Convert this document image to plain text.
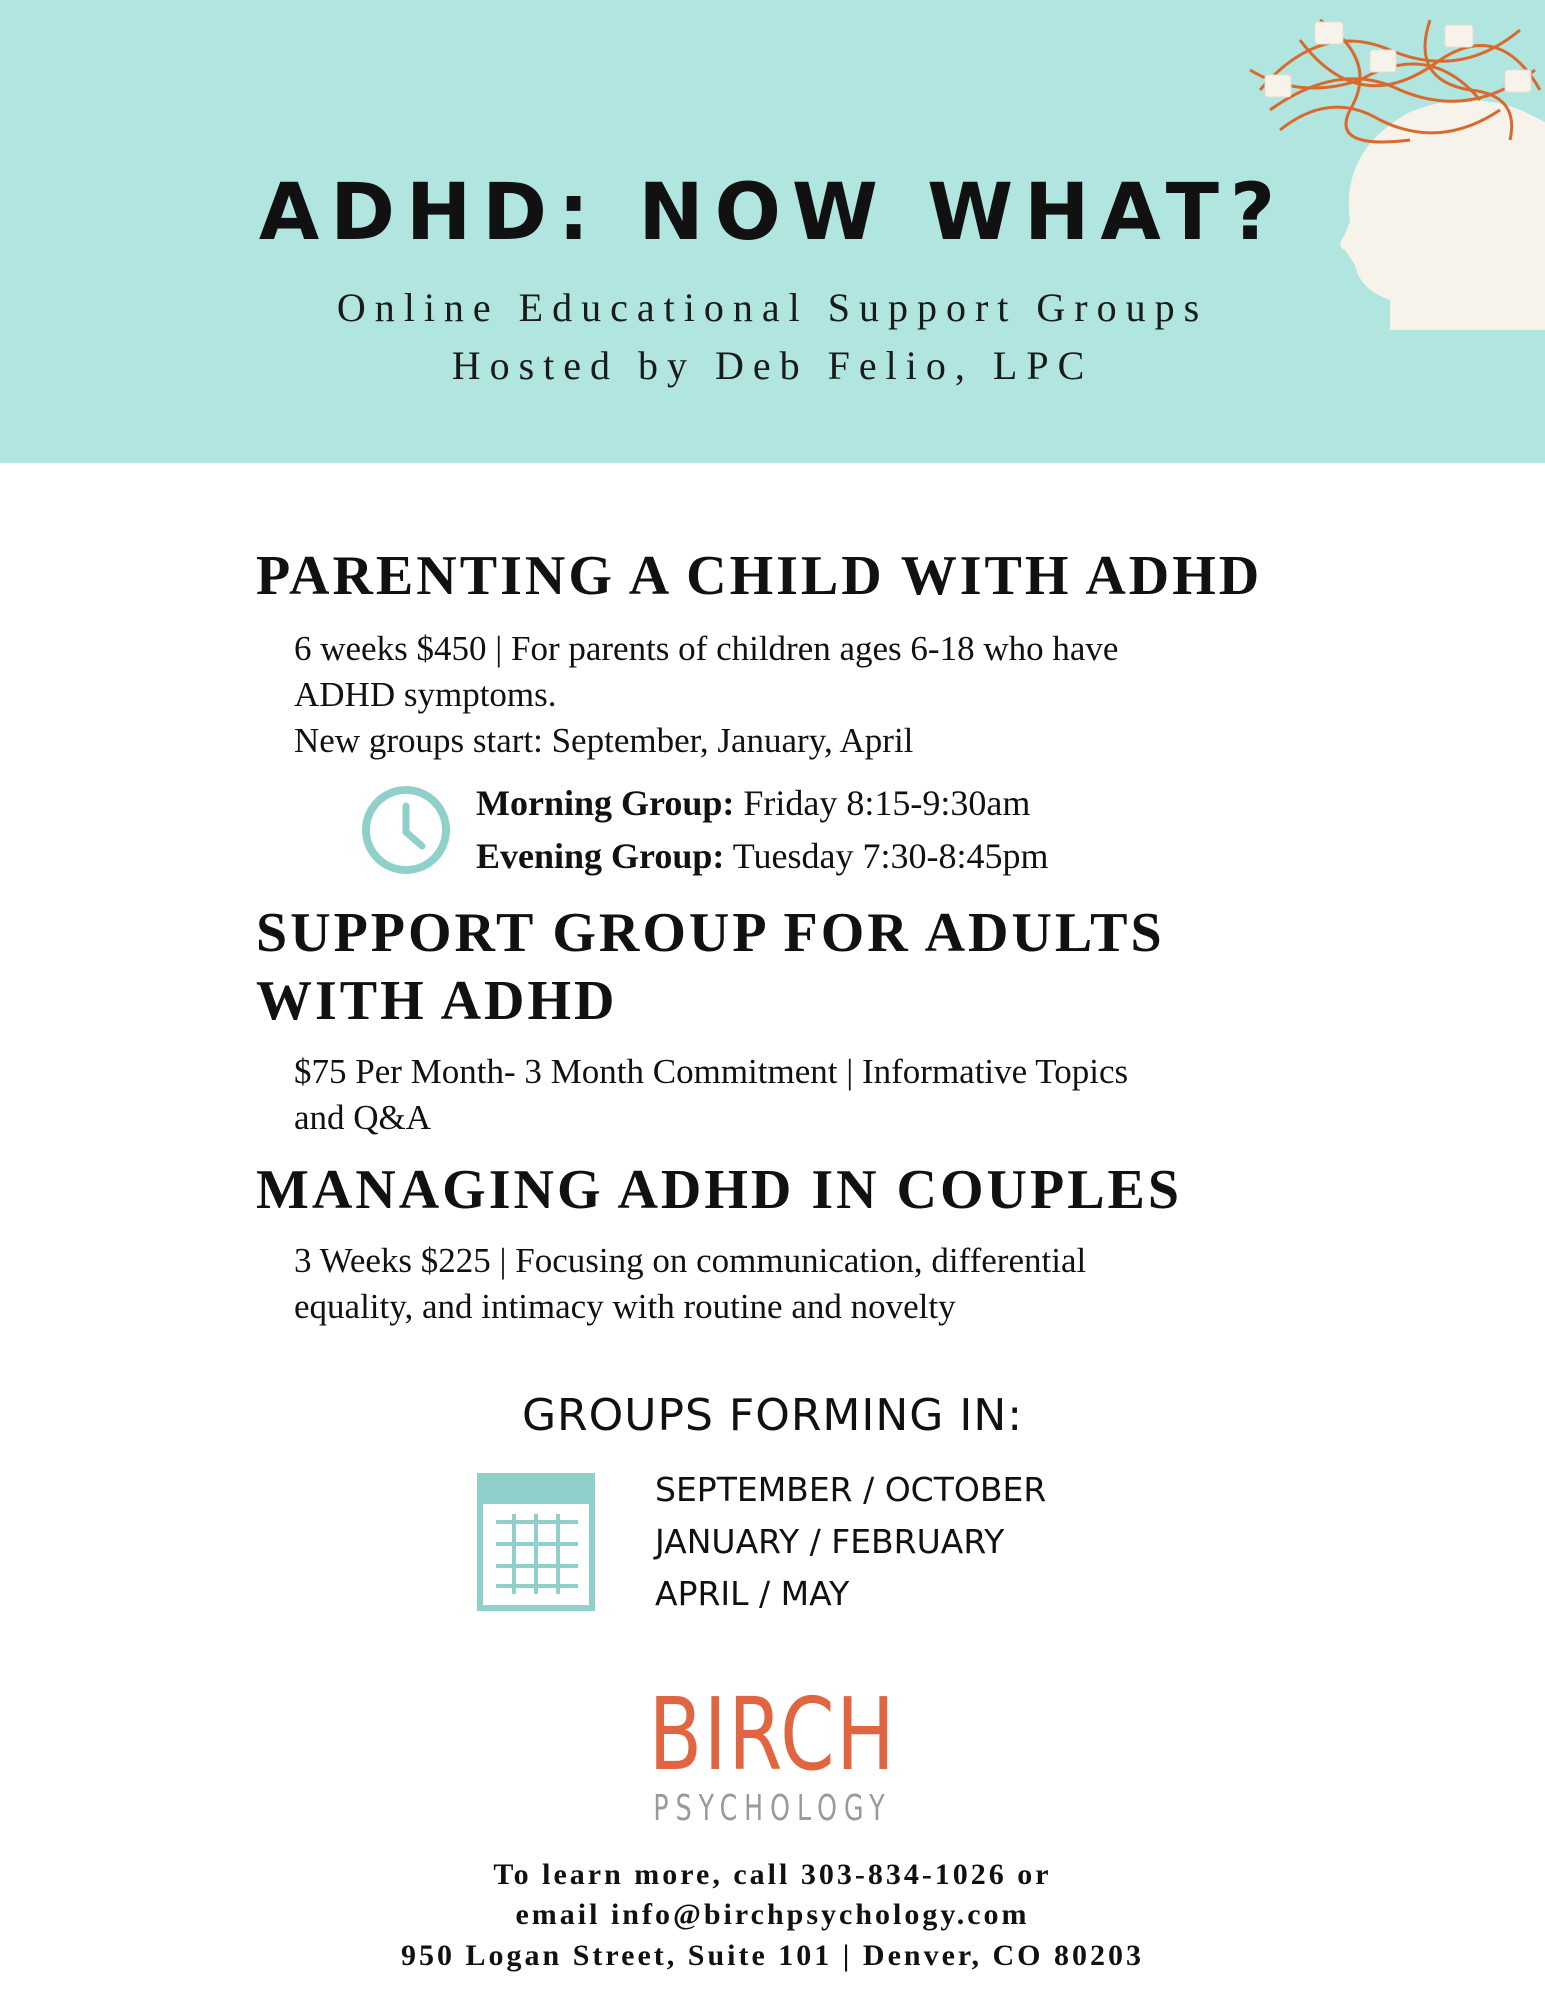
ADHD: NOW WHAT?
Online Educational Support Groups
Hosted by Deb Felio, LPC
PARENTING A CHILD WITH ADHD
6 weeks $450 | For parents of children ages 6-18 who have
ADHD symptoms.
New groups start: September, January, April
Morning Group: Friday 8:15-9:30am
Evening Group: Tuesday 7:30-8:45pm
SUPPORT GROUP FOR ADULTS
WITH ADHD
$75 Per Month- 3 Month Commitment | Informative Topics
and Q&A
MANAGING ADHD IN COUPLES
3 Weeks $225 | Focusing on communication, differential
equality, and intimacy with routine and novelty
GROUPS FORMING IN:
SEPTEMBER / OCTOBER
JANUARY / FEBRUARY
APRIL / MAY
BIRCH
PSYCHOLOGY
To learn more, call 303-834-1026 or
email info@birchpsychology.com
950 Logan Street, Suite 101 | Denver, CO 80203
